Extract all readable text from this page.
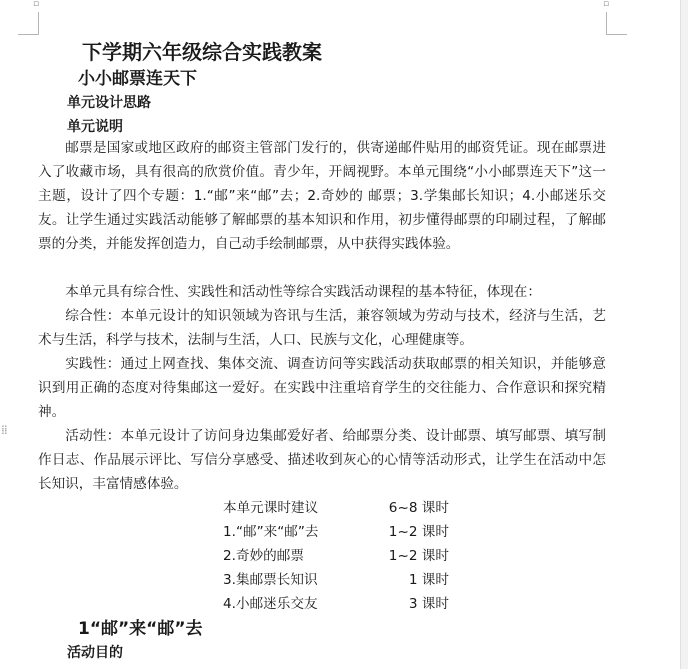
▫	▫
⁞⁞
下学期六年级综合实践教案
小小邮票连天下
单元设计思路
单元说明
邮票是国家或地区政府的邮资主管部门发行的，供寄递邮件贴用的邮资凭证。现在邮票进入了收藏市场，具有很高的欣赏价值。青少年，开阔视野。本单元围绕“小小邮票连天下”这一主题，设计了四个专题：1.“邮”来“邮”去；2.奇妙的 邮票；3.学集邮长知识；4.小邮迷乐交友。让学生通过实践活动能够了解邮票的基本知识和作用，初步懂得邮票的印刷过程，了解邮票的分类，并能发挥创造力，自己动手绘制邮票，从中获得实践体验。
本单元具有综合性、实践性和活动性等综合实践活动课程的基本特征，体现在：
综合性：本单元设计的知识领域为咨讯与生活，兼容领域为劳动与技术，经济与生活，艺术与生活，科学与技术，法制与生活，人口、民族与文化，心理健康等。
实践性：通过上网查找、集体交流、调查访问等实践活动获取邮票的相关知识，并能够意识到用正确的态度对待集邮这一爱好。在实践中注重培育学生的交往能力、合作意识和探究精神。
活动性：本单元设计了访问身边集邮爱好者、给邮票分类、设计邮票、填写邮票、填写制作日志、作品展示评比、写信分享感受、描述收到灰心的心情等活动形式，让学生在活动中怎长知识，丰富情感体验。
本单元课时建议	6~8 课时
1.“邮”来“邮”去	1~2 课时
2.奇妙的邮票	1~2 课时
3.集邮票长知识	1 课时
4.小邮迷乐交友	3 课时
1“邮”来“邮”去
活动目的
